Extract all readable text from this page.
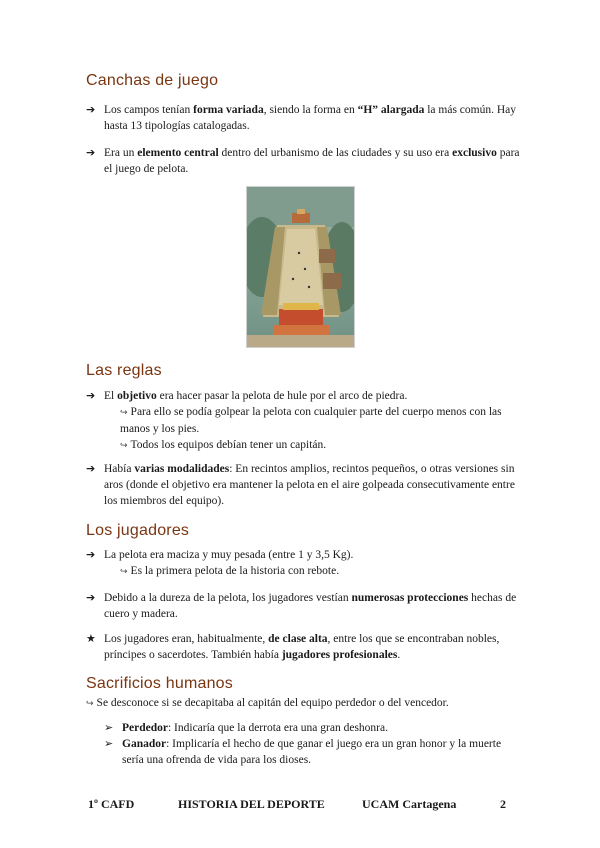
Canchas de juego
➔ Los campos tenían forma variada, siendo la forma en “H” alargada la más común. Hay hasta 13 tipologías catalogadas.
➔ Era un elemento central dentro del urbanismo de las ciudades y su uso era exclusivo para el juego de pelota.
Las reglas
➔ El objetivo era hacer pasar la pelota de hule por el arco de piedra.
↪ Para ello se podía golpear la pelota con cualquier parte del cuerpo menos con las manos y los pies.
↪ Todos los equipos debían tener un capitán.
➔ Había varias modalidades: En recintos amplios, recintos pequeños, o otras versiones sin aros (donde el objetivo era mantener la pelota en el aire golpeada consecutivamente entre los miembros del equipo).
Los jugadores
➔ La pelota era maciza y muy pesada (entre 1 y 3,5 Kg).
↪ Es la primera pelota de la historia con rebote.
➔ Debido a la dureza de la pelota, los jugadores vestían numerosas protecciones hechas de cuero y madera.
★ Los jugadores eran, habitualmente, de clase alta, entre los que se encontraban nobles, príncipes o sacerdotes. También había jugadores profesionales.
Sacrificios humanos
↪ Se desconoce si se decapitaba al capitán del equipo perdedor o del vencedor.
➢ Perdedor: Indicaría que la derrota era una gran deshonra.
➢ Ganador: Implicaría el hecho de que ganar el juego era un gran honor y la muerte sería una ofrenda de vida para los dioses.
1º CAFD	HISTORIA DEL DEPORTE	UCAM Cartagena	2
